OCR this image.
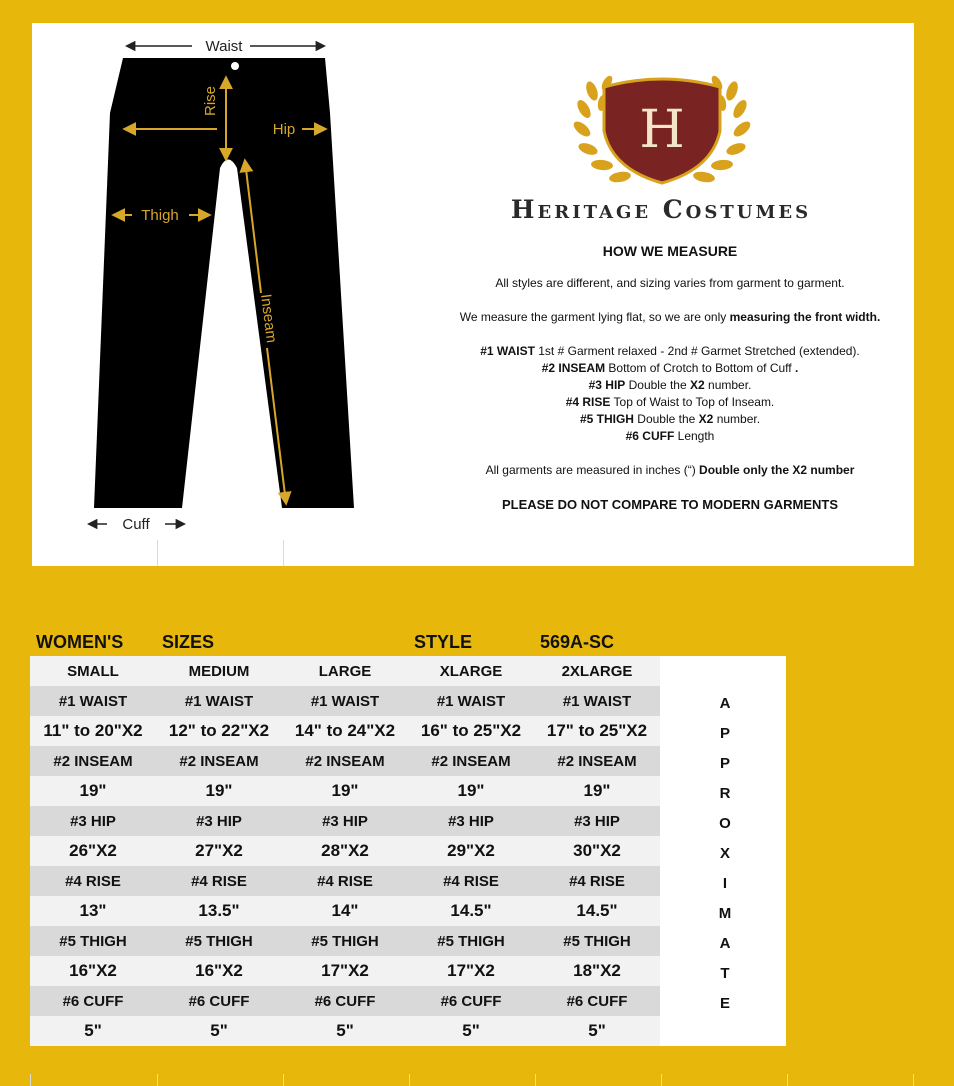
Waist
Rise
Hip
Thigh
Inseam
Cuff
H
Heritage Costumes
HOW WE MEASURE
All styles are different, and sizing varies from garment to garment.
We measure the garment lying flat, so we are only measuring the front width.
#1 WAIST 1st # Garment relaxed - 2nd # Garmet Stretched (extended).
#2 INSEAM Bottom of Crotch to Bottom of Cuff .
#3 HIP Double the X2 number.
#4 RISE Top of Waist to Top of Inseam.
#5 THIGH Double the X2 number.
#6 CUFF Length
All garments are measured in inches (“) Double only the X2 number
PLEASE DO NOT COMPARE TO MODERN GARMENTS
WOMEN'S SIZES	STYLE	569A-SC
SMALL	MEDIUM	LARGE	XLARGE	2XLARGE	
#1 WAIST	#1 WAIST	#1 WAIST	#1 WAIST	#1 WAIST	
11" to 20"X2	12" to 22"X2	14" to 24"X2	16" to 25"X2	17" to 25"X2	
#2 INSEAM	#2 INSEAM	#2 INSEAM	#2 INSEAM	#2 INSEAM	
19"	19"	19"	19"	19"	
#3 HIP	#3 HIP	#3 HIP	#3 HIP	#3 HIP	
26"X2	27"X2	28"X2	29"X2	30"X2	
#4 RISE	#4 RISE	#4 RISE	#4 RISE	#4 RISE	
13"	13.5"	14"	14.5"	14.5"	
#5 THIGH	#5 THIGH	#5 THIGH	#5 THIGH	#5 THIGH	
16"X2	16"X2	17"X2	17"X2	18"X2	
#6 CUFF	#6 CUFF	#6 CUFF	#6 CUFF	#6 CUFF	
5"	5"	5"	5"	5"	
A
P
P
R
O
X
I
M
A
T
E
